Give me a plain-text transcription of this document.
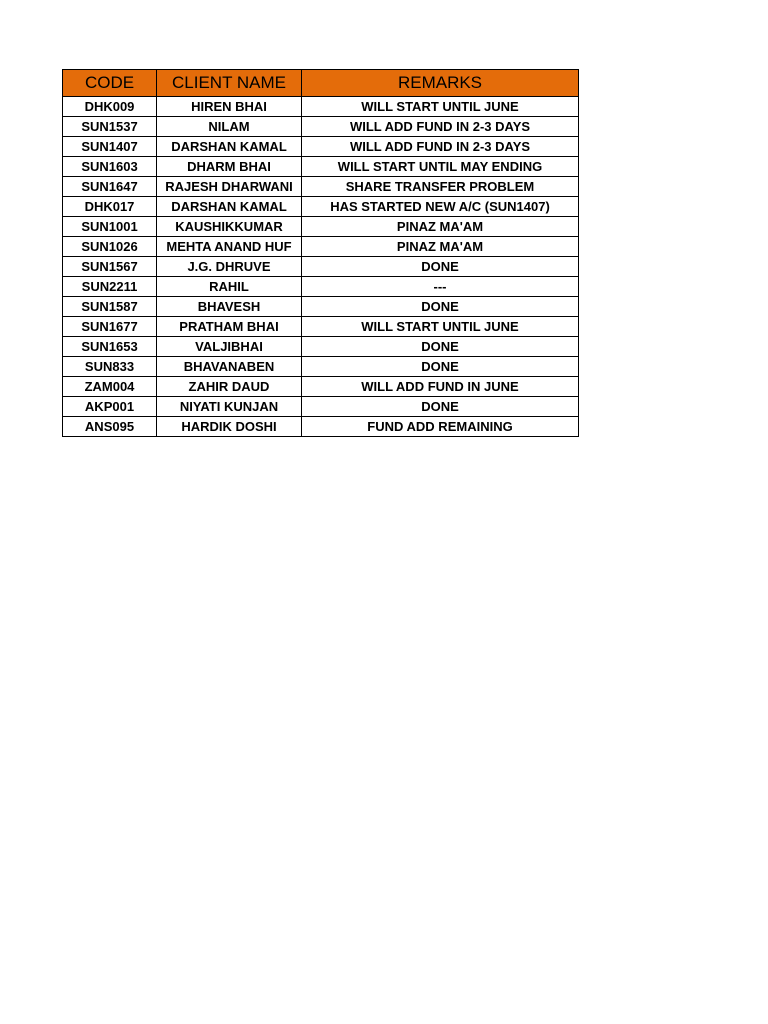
CODE	CLIENT NAME	REMARKS
DHK009	HIREN BHAI	WILL START UNTIL JUNE
SUN1537	NILAM	WILL ADD FUND IN 2-3 DAYS
SUN1407	DARSHAN KAMAL	WILL ADD FUND IN 2-3 DAYS
SUN1603	DHARM BHAI	WILL START UNTIL MAY ENDING
SUN1647	RAJESH DHARWANI	SHARE TRANSFER PROBLEM
DHK017	DARSHAN KAMAL	HAS STARTED NEW A/C (SUN1407)
SUN1001	KAUSHIKKUMAR	PINAZ MA'AM
SUN1026	MEHTA ANAND HUF	PINAZ MA'AM
SUN1567	J.G. DHRUVE	DONE
SUN2211	RAHIL	---
SUN1587	BHAVESH	DONE
SUN1677	PRATHAM BHAI	WILL START UNTIL JUNE
SUN1653	VALJIBHAI	DONE
SUN833	BHAVANABEN	DONE
ZAM004	ZAHIR DAUD	WILL ADD FUND IN JUNE
AKP001	NIYATI KUNJAN	DONE
ANS095	HARDIK DOSHI	FUND ADD REMAINING
